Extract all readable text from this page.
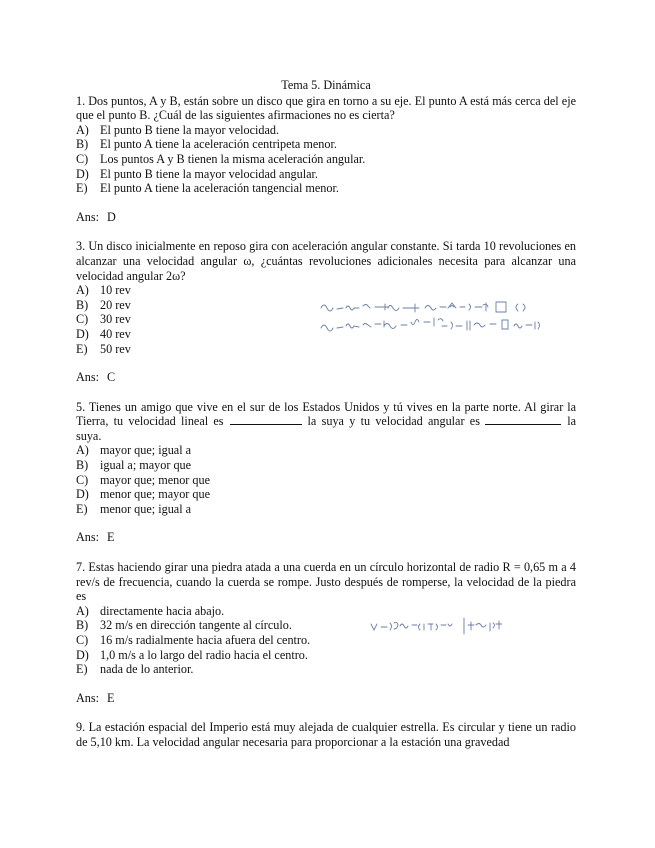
Tema 5. Dinámica
1. Dos puntos, A y B, están sobre un disco que gira en torno a su eje. El punto A está más cerca del eje que el punto B. ¿Cuál de las siguientes afirmaciones no es cierta?
A) El punto B tiene la mayor velocidad.
B) El punto A tiene la aceleración centripeta menor.
C) Los puntos A y B tienen la misma aceleración angular.
D) El punto B tiene la mayor velocidad angular.
E)	El punto A tiene la aceleración tangencial menor.
Ans: D
3. Un disco inicialmente en reposo gira con aceleración angular constante. Si tarda 10 revoluciones en alcanzar una velocidad angular ω, ¿cuántas revoluciones adicionales necesita para alcanzar una velocidad angular 2ω?
A) 10 rev
B) 20 rev
C) 30 rev
D) 40 rev
E)	50 rev
Ans: C
5. Tienes un amigo que vive en el sur de los Estados Unidos y tú vives en la parte norte. Al girar la Tierra, tu velocidad lineal es	la suya y tu velocidad angular es	la suya.
A) mayor que; igual a
B) igual a; mayor que
C) mayor que; menor que
D) menor que; mayor que
E)	menor que; igual a
Ans: E
7. Estas haciendo girar una piedra atada a una cuerda en un círculo horizontal de radio R = 0,65 m a 4 rev/s de frecuencia, cuando la cuerda se rompe. Justo después de romperse, la velocidad de la piedra es
A) directamente hacia abajo.
B) 32 m/s en dirección tangente al círculo.
C) 16 m/s radialmente hacia afuera del centro.
D) 1,0 m/s a lo largo del radio hacia el centro.
E)	nada de lo anterior.
Ans: E
9. La estación espacial del Imperio está muy alejada de cualquier estrella. Es circular y tiene un radio de 5,10 km. La velocidad angular necesaria para proporcionar a la estación una gravedad
